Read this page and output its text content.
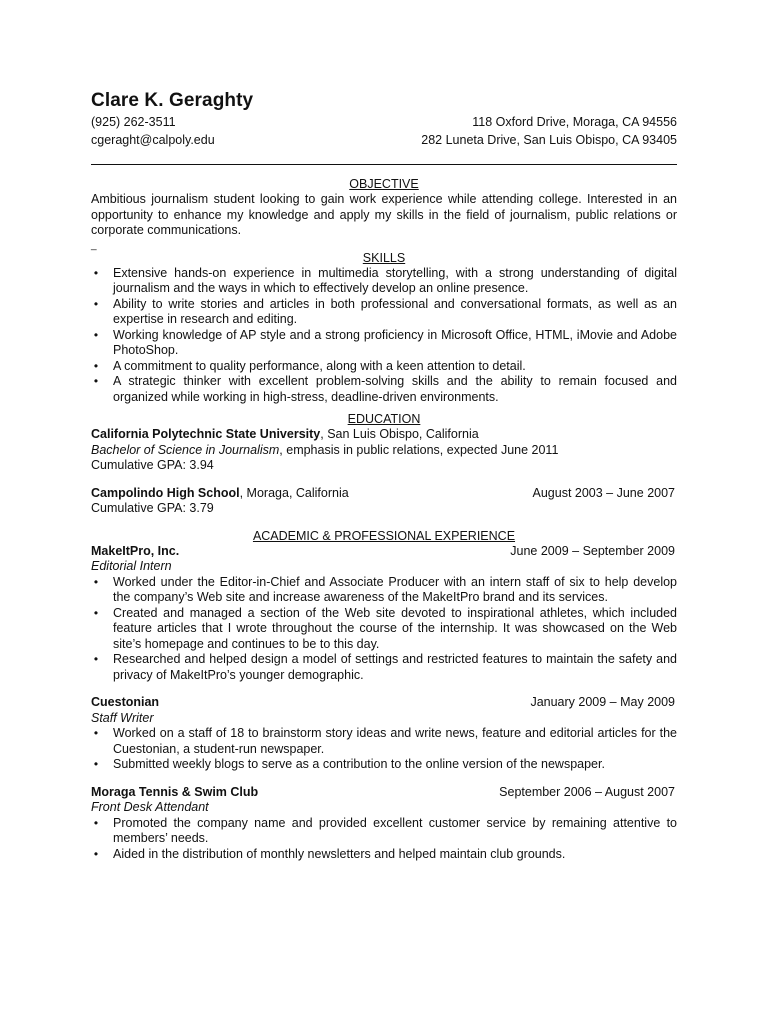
Clare K. Geraghty
(925) 262-3511	118 Oxford Drive, Moraga, CA 94556
cgeraght@calpoly.edu	282 Luneta Drive, San Luis Obispo, CA 93405
OBJECTIVE
Ambitious journalism student looking to gain work experience while attending college. Interested in an opportunity to enhance my knowledge and apply my skills in the field of journalism, public relations or corporate communications.
_
SKILLS
• Extensive hands-on experience in multimedia storytelling, with a strong understanding of digital journalism and the ways in which to effectively develop an online presence.
• Ability to write stories and articles in both professional and conversational formats, as well as an expertise in research and editing.
• Working knowledge of AP style and a strong proficiency in Microsoft Office, HTML, iMovie and Adobe PhotoShop.
• A commitment to quality performance, along with a keen attention to detail.
• A strategic thinker with excellent problem-solving skills and the ability to remain focused and organized while working in high-stress, deadline-driven environments.
EDUCATION
California Polytechnic State University, San Luis Obispo, California
Bachelor of Science in Journalism, emphasis in public relations, expected June 2011
Cumulative GPA: 3.94
Campolindo High School, Moraga, California	August 2003 – June 2007
Cumulative GPA: 3.79
ACADEMIC & PROFESSIONAL EXPERIENCE
MakeItPro, Inc.	June 2009 – September 2009
Editorial Intern
• Worked under the Editor-in-Chief and Associate Producer with an intern staff of six to help develop the company’s Web site and increase awareness of the MakeItPro brand and its services.
• Created and managed a section of the Web site devoted to inspirational athletes, which included feature articles that I wrote throughout the course of the internship. It was showcased on the Web site’s homepage and continues to be to this day.
• Researched and helped design a model of settings and restricted features to maintain the safety and privacy of MakeItPro’s younger demographic.
Cuestonian	January 2009 – May 2009
Staff Writer
• Worked on a staff of 18 to brainstorm story ideas and write news, feature and editorial articles for the Cuestonian, a student-run newspaper.
• Submitted weekly blogs to serve as a contribution to the online version of the newspaper.
Moraga Tennis & Swim Club	September 2006 – August 2007
Front Desk Attendant
• Promoted the company name and provided excellent customer service by remaining attentive to members’ needs.
• Aided in the distribution of monthly newsletters and helped maintain club grounds.
